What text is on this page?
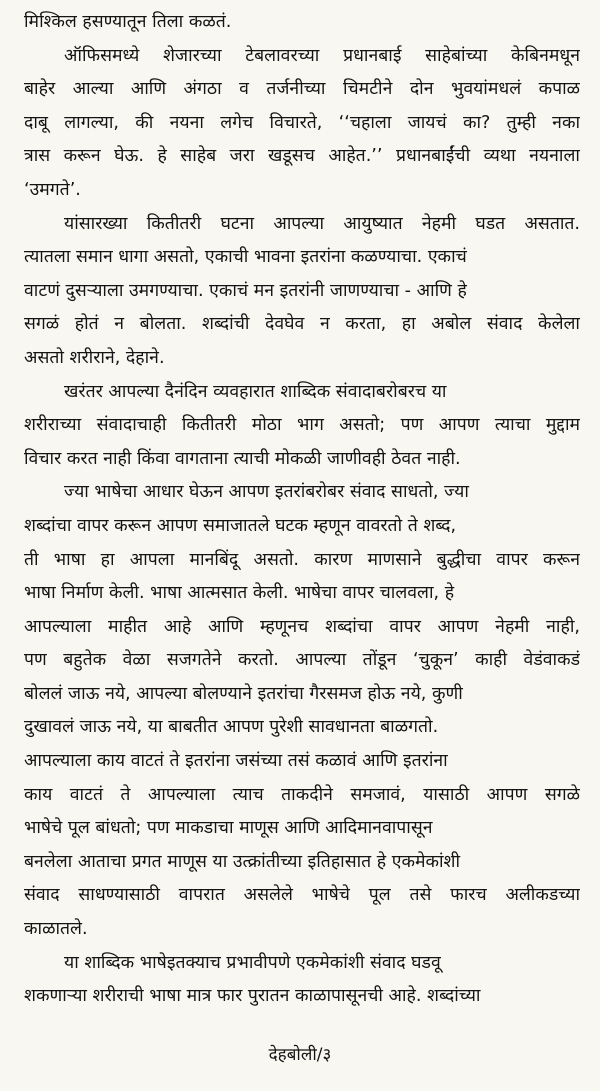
मिश्किल हसण्यातून तिला कळतं.
ऑफिसमध्ये शेजारच्या टेबलावरच्या प्रधानबाई साहेबांच्या केबिनमधून
बाहेर आल्या आणि अंगठा व तर्जनीच्या चिमटीने दोन भुवयांमधलं कपाळ
दाबू लागल्या, की नयना लगेच विचारते, ‘‘चहाला जायचं का? तुम्ही नका
त्रास करून घेऊ. हे साहेब जरा खडूसच आहेत.’’ प्रधानबाईंची व्यथा नयनाला
‘उमगते’.
यांसारख्या कितीतरी घटना आपल्या आयुष्यात नेहमी घडत असतात.
त्यातला समान धागा असतो, एकाची भावना इतरांना कळण्याचा. एकाचं
वाटणं दुसऱ्याला उमगण्याचा. एकाचं मन इतरांनी जाणण्याचा - आणि हे
सगळं होतं न बोलता. शब्दांची देवघेव न करता, हा अबोल संवाद केलेला
असतो शरीराने, देहाने.
खरंतर आपल्या दैनंदिन व्यवहारात शाब्दिक संवादाबरोबरच या
शरीराच्या संवादाचाही कितीतरी मोठा भाग असतो; पण आपण त्याचा मुद्दाम
विचार करत नाही किंवा वागताना त्याची मोकळी जाणीवही ठेवत नाही.
ज्या भाषेचा आधार घेऊन आपण इतरांबरोबर संवाद साधतो, ज्या
शब्दांचा वापर करून आपण समाजातले घटक म्हणून वावरतो ते शब्द,
ती भाषा हा आपला मानबिंदू असतो. कारण माणसाने बुद्धीचा वापर करून
भाषा निर्माण केली. भाषा आत्मसात केली. भाषेचा वापर चालवला, हे
आपल्याला माहीत आहे आणि म्हणूनच शब्दांचा वापर आपण नेहमी नाही,
पण बहुतेक वेळा सजगतेने करतो. आपल्या तोंडून ‘चुकून’ काही वेडंवाकडं
बोललं जाऊ नये, आपल्या बोलण्याने इतरांचा गैरसमज होऊ नये, कुणी
दुखावलं जाऊ नये, या बाबतीत आपण पुरेशी सावधानता बाळगतो.
आपल्याला काय वाटतं ते इतरांना जसंच्या तसं कळावं आणि इतरांना
काय वाटतं ते आपल्याला त्याच ताकदीने समजावं, यासाठी आपण सगळे
भाषेचे पूल बांधतो; पण माकडाचा माणूस आणि आदिमानवापासून
बनलेला आताचा प्रगत माणूस या उत्क्रांतीच्या इतिहासात हे एकमेकांशी
संवाद साधण्यासाठी वापरात असलेले भाषेचे पूल तसे फारच अलीकडच्या
काळातले.
या शाब्दिक भाषेइतक्याच प्रभावीपणे एकमेकांशी संवाद घडवू
शकणाऱ्या शरीराची भाषा मात्र फार पुरातन काळापासूनची आहे. शब्दांच्या
देहबोली/३
